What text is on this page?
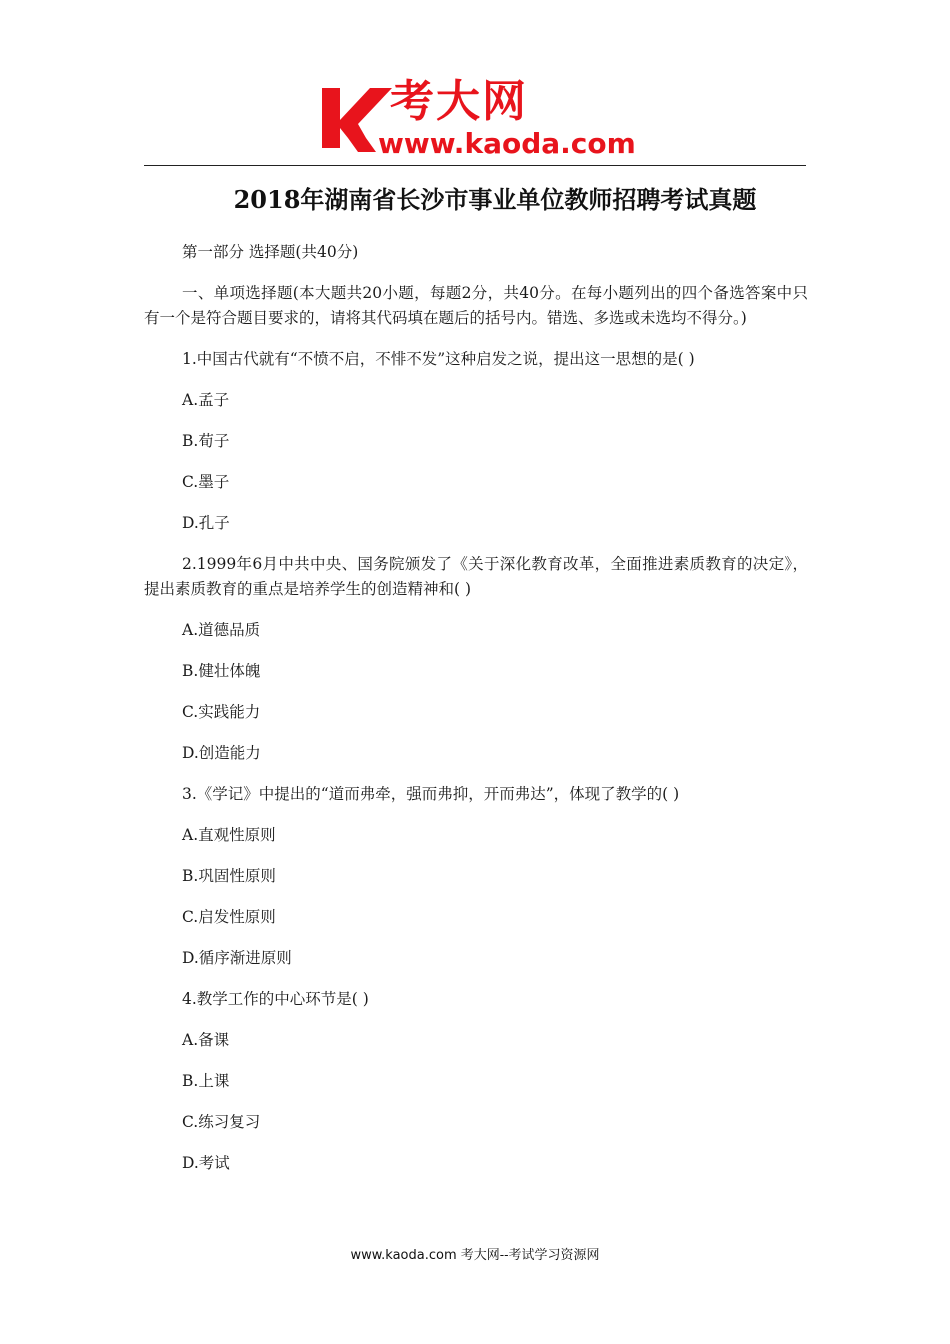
考大网
www.kaoda.com
2018年湖南省长沙市事业单位教师招聘考试真题
第一部分 选择题(共40分)
一、单项选择题(本大题共20小题，每题2分，共40分。在每小题列出的四个备选答案中只有一个是符合题目要求的，请将其代码填在题后的括号内。错选、多选或未选均不得分。)
1.中国古代就有“不愤不启，不悱不发”这种启发之说，提出这一思想的是( )
A.孟子
B.荀子
C.墨子
D.孔子
2.1999年6月中共中央、国务院颁发了《关于深化教育改革，全面推进素质教育的决定》，提出素质教育的重点是培养学生的创造精神和( )
A.道德品质
B.健壮体魄
C.实践能力
D.创造能力
3.《学记》中提出的“道而弗牵，强而弗抑，开而弗达”，体现了教学的( )
A.直观性原则
B.巩固性原则
C.启发性原则
D.循序渐进原则
4.教学工作的中心环节是( )
A.备课
B.上课
C.练习复习
D.考试
www.kaoda.com 考大网--考试学习资源网
